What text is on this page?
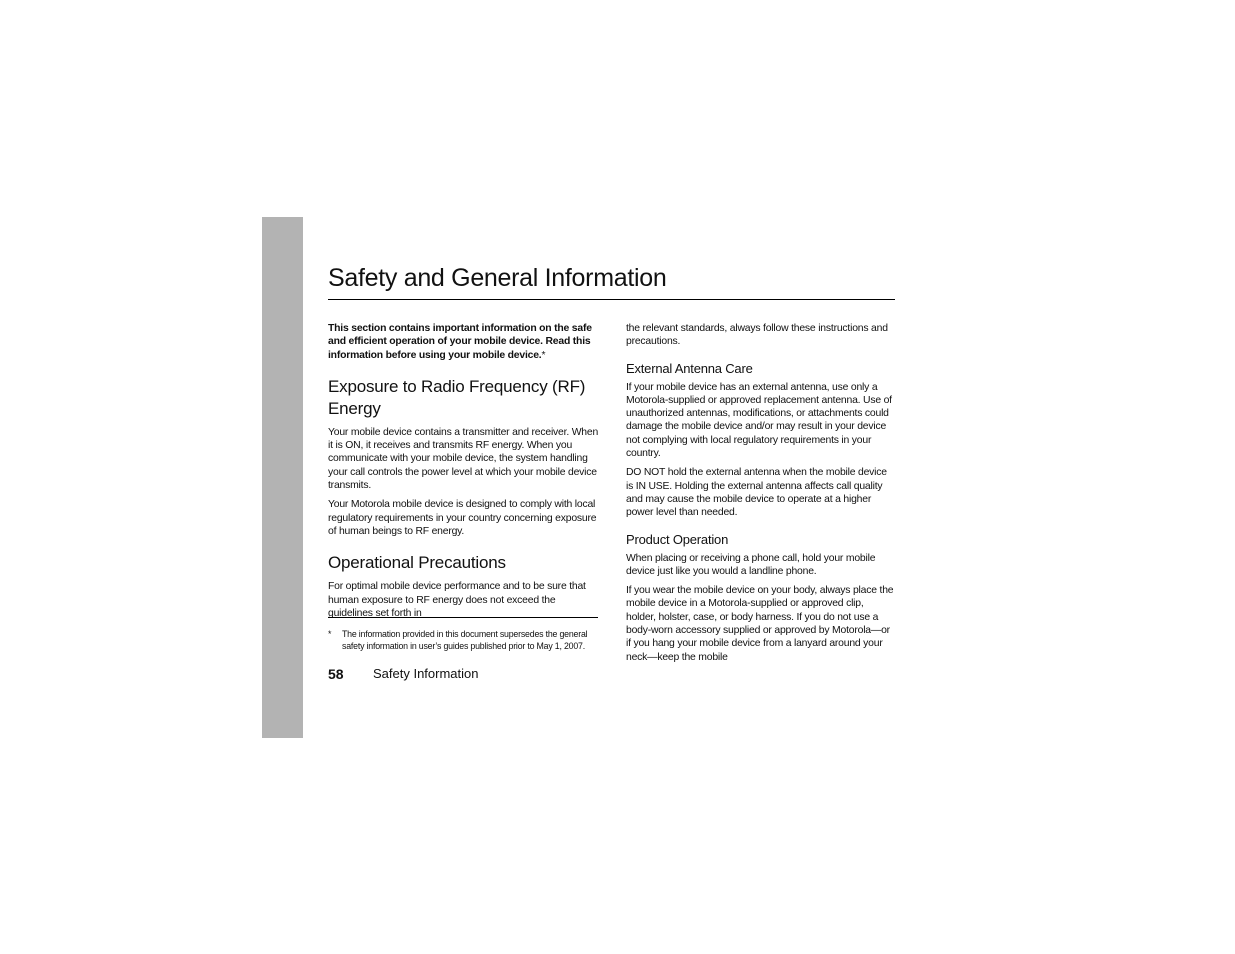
Safety and General Information

This section contains important information on the safe and efficient operation of your mobile device. Read this information before using your mobile device.*

Exposure to Radio Frequency (RF) Energy

Your mobile device contains a transmitter and receiver. When it is ON, it receives and transmits RF energy. When you communicate with your mobile device, the system handling your call controls the power level at which your mobile device transmits.

Your Motorola mobile device is designed to comply with local regulatory requirements in your country concerning exposure of human beings to RF energy.

Operational Precautions

For optimal mobile device performance and to be sure that human exposure to RF energy does not exceed the guidelines set forth in

the relevant standards, always follow these instructions and precautions.

External Antenna Care

If your mobile device has an external antenna, use only a Motorola-supplied or approved replacement antenna. Use of unauthorized antennas, modifications, or attachments could damage the mobile device and/or may result in your device not complying with local regulatory requirements in your country.

DO NOT hold the external antenna when the mobile device is IN USE. Holding the external antenna affects call quality and may cause the mobile device to operate at a higher power level than needed.

Product Operation

When placing or receiving a phone call, hold your mobile device just like you would a landline phone.

If you wear the mobile device on your body, always place the mobile device in a Motorola-supplied or approved clip, holder, holster, case, or body harness. If you do not use a body-worn accessory supplied or approved by Motorola—or if you hang your mobile device from a lanyard around your neck—keep the mobile

* The information provided in this document supersedes the general safety information in user’s guides published prior to May 1, 2007.
58 Safety Information
